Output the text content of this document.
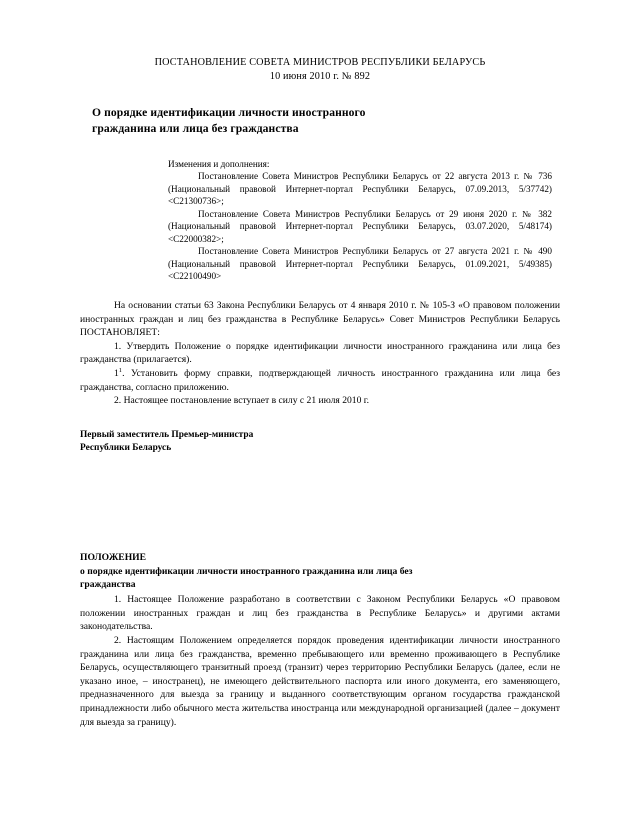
ПОСТАНОВЛЕНИЕ СОВЕТА МИНИСТРОВ РЕСПУБЛИКИ БЕЛАРУСЬ
10 июня 2010 г. № 892
О порядке идентификации личности иностранного
гражданина или лица без гражданства
Изменения и дополнения:

Постановление Совета Министров Республики Беларусь от 22 августа 2013 г. № 736 (Национальный правовой Интернет-портал Республики Беларусь, 07.09.2013, 5/37742) <C21300736>;

Постановление Совета Министров Республики Беларусь от 29 июня 2020 г. № 382 (Национальный правовой Интернет-портал Республики Беларусь, 03.07.2020, 5/48174) <C22000382>;

Постановление Совета Министров Республики Беларусь от 27 августа 2021 г. № 490 (Национальный правовой Интернет-портал Республики Беларусь, 01.09.2021, 5/49385) <C22100490>

На основании статьи 63 Закона Республики Беларусь от 4 января 2010 г. № 105-З «О правовом положении иностранных граждан и лиц без гражданства в Республике Беларусь» Совет Министров Республики Беларусь ПОСТАНОВЛЯЕТ:

1. Утвердить Положение о порядке идентификации личности иностранного гражданина или лица без гражданства (прилагается).

$1^1$. Установить форму справки, подтверждающей личность иностранного гражданина или лица без гражданства, согласно приложению.

2. Настоящее постановление вступает в силу с 21 июля 2010 г.

Первый заместитель Премьер-министра
Республики Беларусь
ПОЛОЖЕНИЕ
о порядке идентификации личности иностранного гражданина или лица без
гражданства

1. Настоящее Положение разработано в соответствии с Законом Республики Беларусь «О правовом положении иностранных граждан и лиц без гражданства в Республике Беларусь» и другими актами законодательства.

2. Настоящим Положением определяется порядок проведения идентификации личности иностранного гражданина или лица без гражданства, временно пребывающего или временно проживающего в Республике Беларусь, осуществляющего транзитный проезд (транзит) через территорию Республики Беларусь (далее, если не указано иное, – иностранец), не имеющего действительного паспорта или иного документа, его заменяющего, предназначенного для выезда за границу и выданного соответствующим органом государства гражданской принадлежности либо обычного места жительства иностранца или международной организацией (далее – документ для выезда за границу).
